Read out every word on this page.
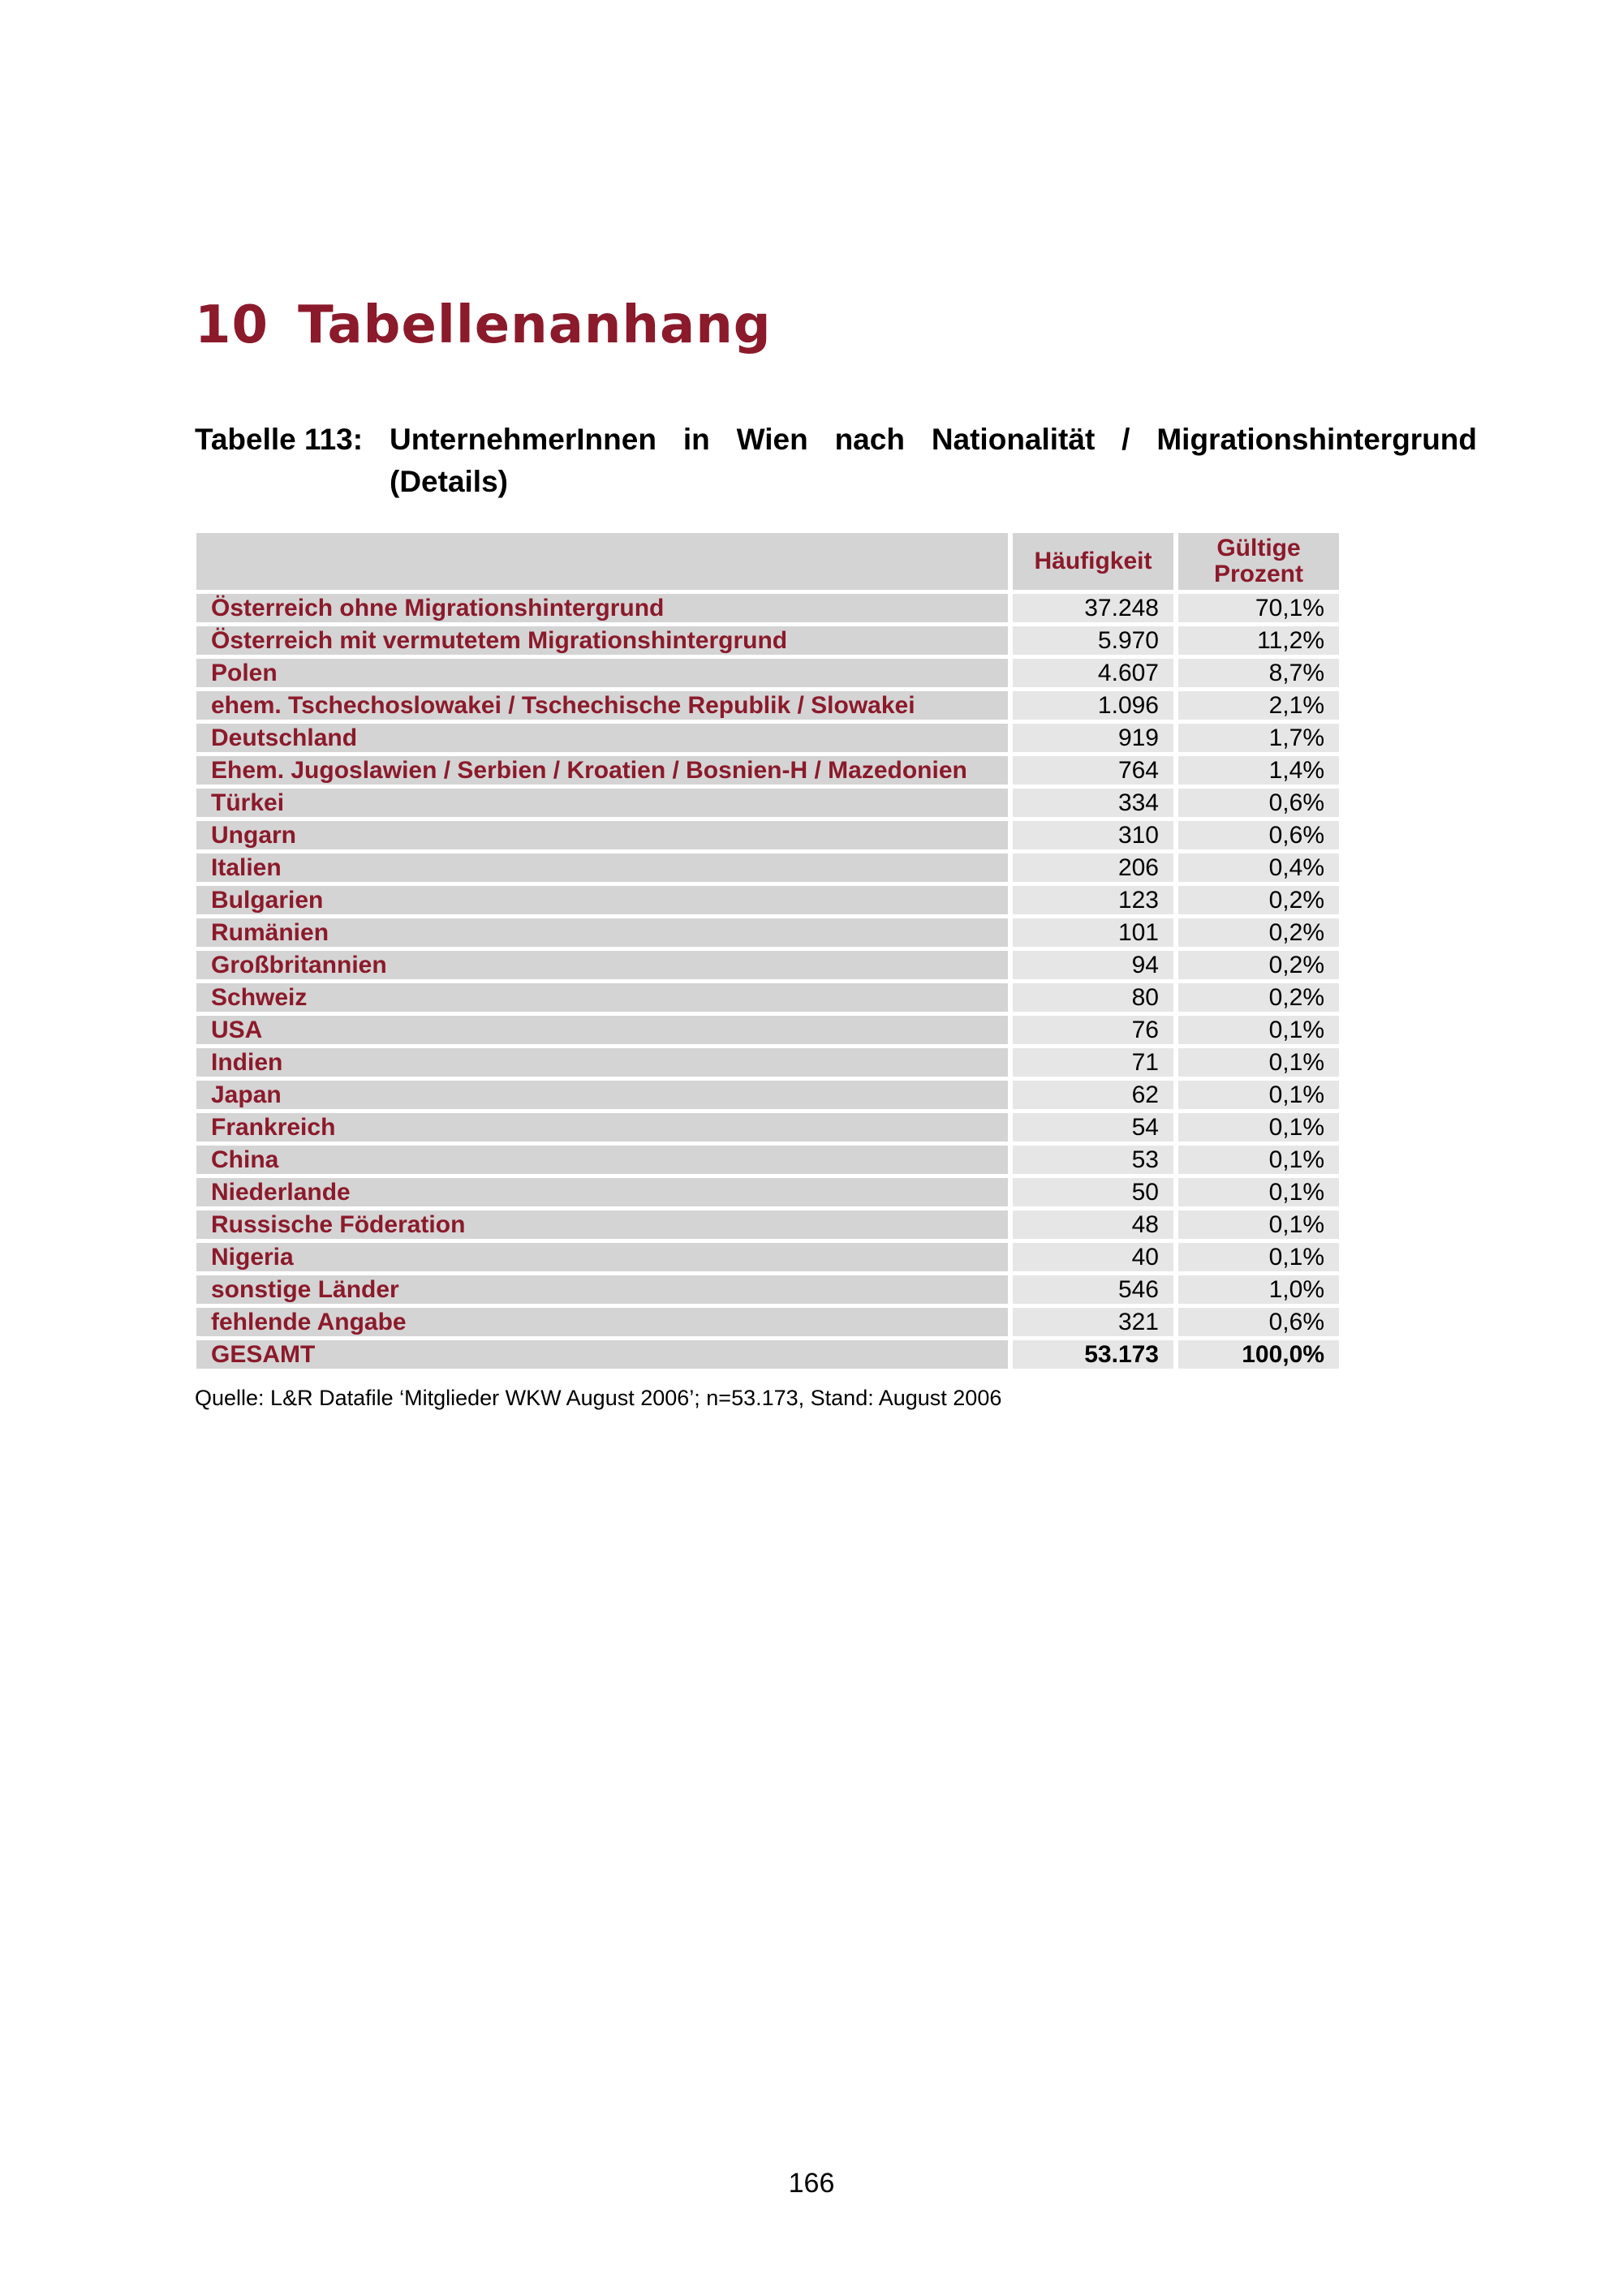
10 Tabellenanhang
Tabelle 113: UnternehmerInnen in Wien nach Nationalität / Migrationshintergrund (Details)
	Häufigkeit	Gültige
Prozent
Österreich ohne Migrationshintergrund	37.248	70,1%
Österreich mit vermutetem Migrationshintergrund	5.970	11,2%
Polen	4.607	8,7%
ehem. Tschechoslowakei / Tschechische Republik / Slowakei	1.096	2,1%
Deutschland	919	1,7%
Ehem. Jugoslawien / Serbien / Kroatien / Bosnien-H / Mazedonien	764	1,4%
Türkei	334	0,6%
Ungarn	310	0,6%
Italien	206	0,4%
Bulgarien	123	0,2%
Rumänien	101	0,2%
Großbritannien	94	0,2%
Schweiz	80	0,2%
USA	76	0,1%
Indien	71	0,1%
Japan	62	0,1%
Frankreich	54	0,1%
China	53	0,1%
Niederlande	50	0,1%
Russische Föderation	48	0,1%
Nigeria	40	0,1%
sonstige Länder	546	1,0%
fehlende Angabe	321	0,6%
GESAMT	53.173	100,0%
Quelle: L&R Datafile ‘Mitglieder WKW August 2006’; n=53.173, Stand: August 2006
166
